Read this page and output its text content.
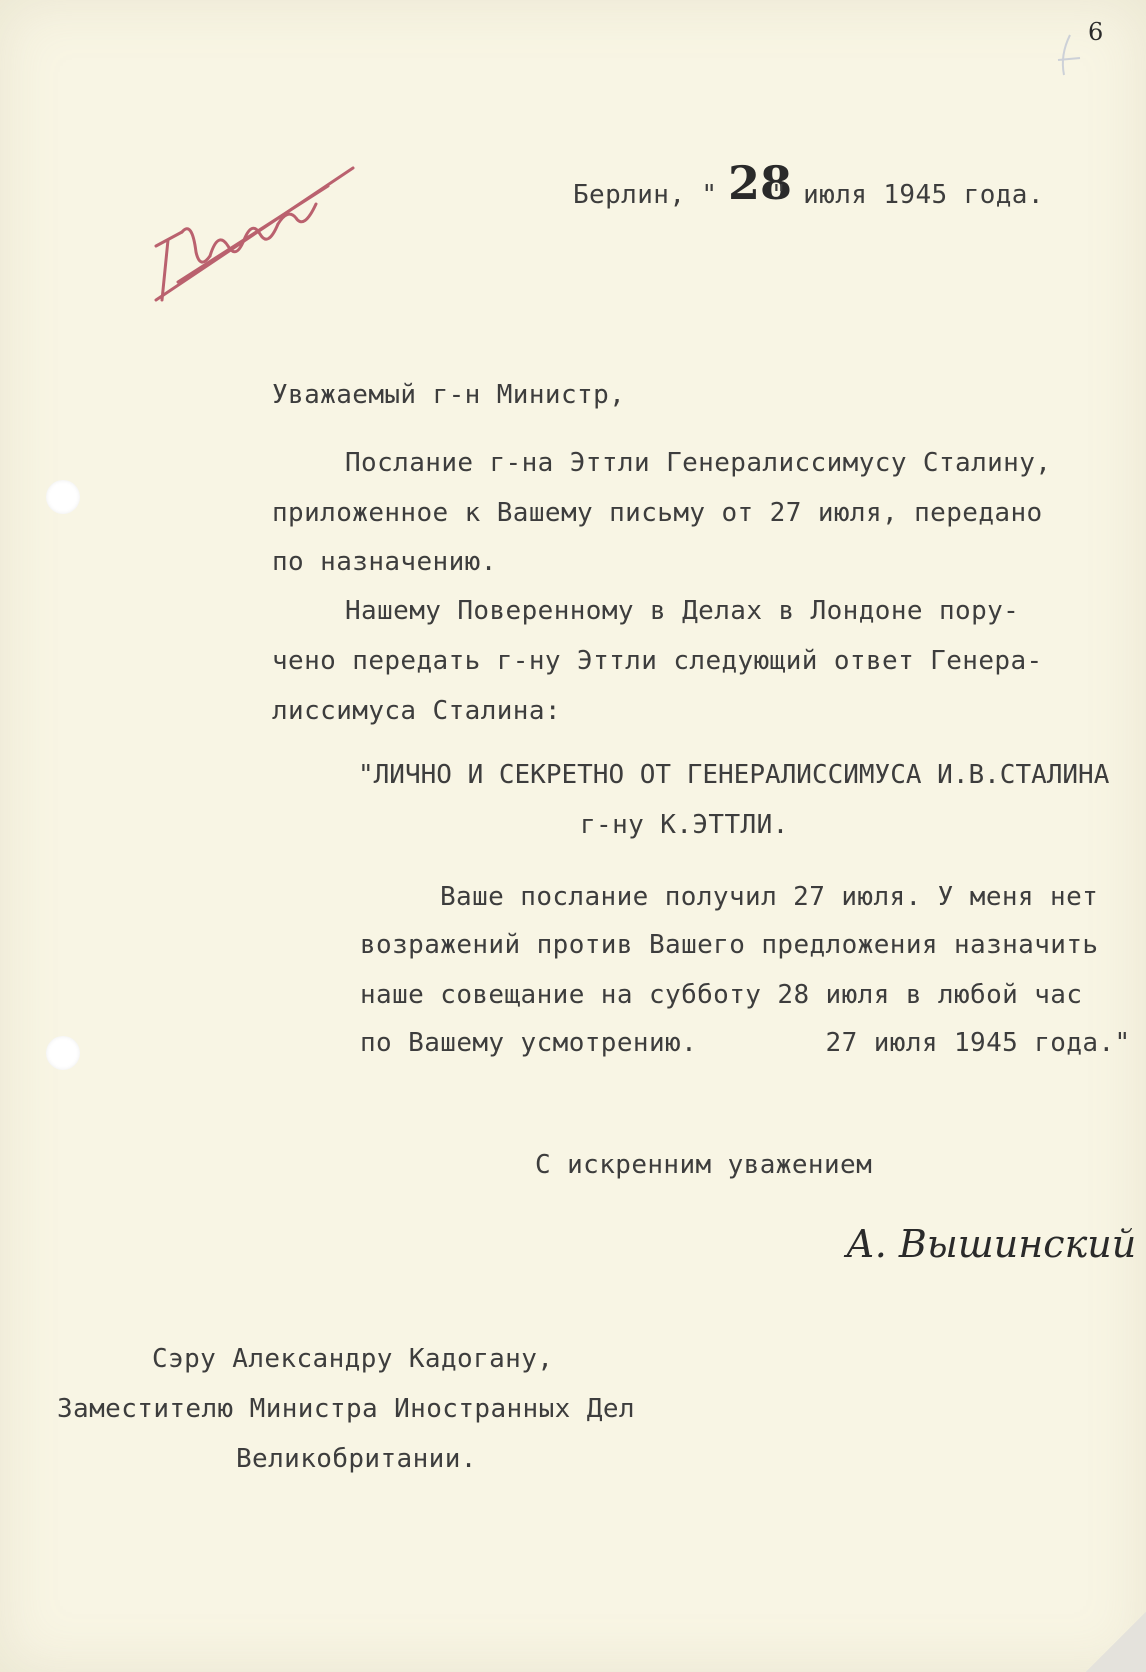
6
Берлин, " 28
" июля 1945 года.
Уважаемый г-н Министр,
Послание г-на Эттли Генералиссимусу Сталину,
приложенное к Вашему письму от 27 июля, передано
по назначению.
Нашему Поверенному в Делах в Лондоне пору-
чено передать г-ну Эттли следующий ответ Генера-
лиссимуса Сталина:
"ЛИЧНО И СЕКРЕТНО ОТ ГЕНЕРАЛИССИМУСА И.В.СТАЛИНА
г-ну К.ЭТТЛИ.
Ваше послание получил 27 июля. У меня нет
возражений против Вашего предложения назначить
наше совещание на субботу 28 июля в любой час
по Вашему усмотрению.        27 июля 1945 года."
С искренним уважением
А. Вышинский
Сэру Александру Кадогану,
Заместителю Министра Иностранных Дел
Великобритании.
